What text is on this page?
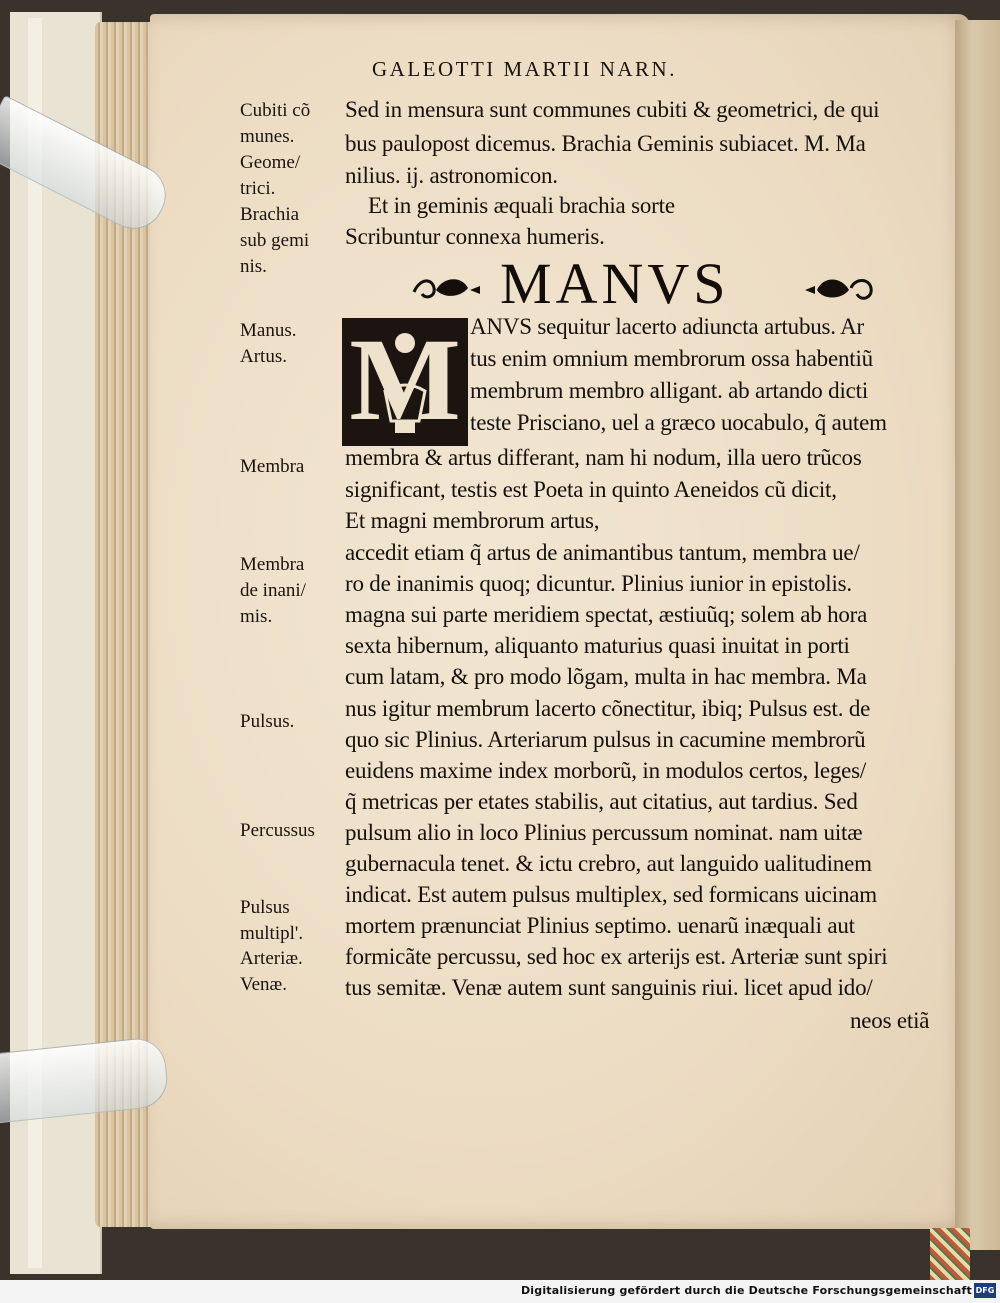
GALEOTTI MARTII NARN.
Cubiti cõ
munes.
Geome/
trici.
Brachia
sub gemi
nis.
Manus.
Artus.
Membra
Membra
de inani/
mis.
Pulsus.
Percussus
Pulsus
multipl'.
Arteriæ.
Venæ.
Sed in mensura sunt communes cubiti & geometrici, de qui
bus paulopost dicemus. Brachia Geminis subiacet. M. Ma
nilius. ij. astronomicon.
Et in geminis æquali brachia sorte
Scribuntur connexa humeris.
MANVS
M ANVS sequitur lacerto adiuncta artubus. Ar
tus enim omnium membrorum ossa habentiũ
membrum membro alligant. ab artando dicti
teste Prisciano, uel a græco uocabulo, q̃ autem
membra & artus differant, nam hi nodum, illa uero trũcos
significant, testis est Poeta in quinto Aeneidos cũ dicit,
Et magni membrorum artus,
accedit etiam q̃ artus de animantibus tantum, membra ue/
ro de inanimis quoq; dicuntur. Plinius iunior in epistolis.
magna sui parte meridiem spectat, æstiuũq; solem ab hora
sexta hibernum, aliquanto maturius quasi inuitat in porti
cum latam, & pro modo lõgam, multa in hac membra. Ma
nus igitur membrum lacerto cõnectitur, ibiq; Pulsus est. de
quo sic Plinius. Arteriarum pulsus in cacumine membrorũ
euidens maxime index morborũ, in modulos certos, leges/
q̃ metricas per etates stabilis, aut citatius, aut tardius. Sed
pulsum alio in loco Plinius percussum nominat. nam uitæ
gubernacula tenet. & ictu crebro, aut languido ualitudinem
indicat. Est autem pulsus multiplex, sed formicans uicinam
mortem prænunciat Plinius septimo. uenarũ inæquali aut
formicãte percussu, sed hoc ex arterijs est. Arteriæ sunt spiri
tus semitæ. Venæ autem sunt sanguinis riui. licet apud ido/
neos etiã
Digitalisierung gefördert durch die Deutsche Forschungsgemeinschaft DFG
